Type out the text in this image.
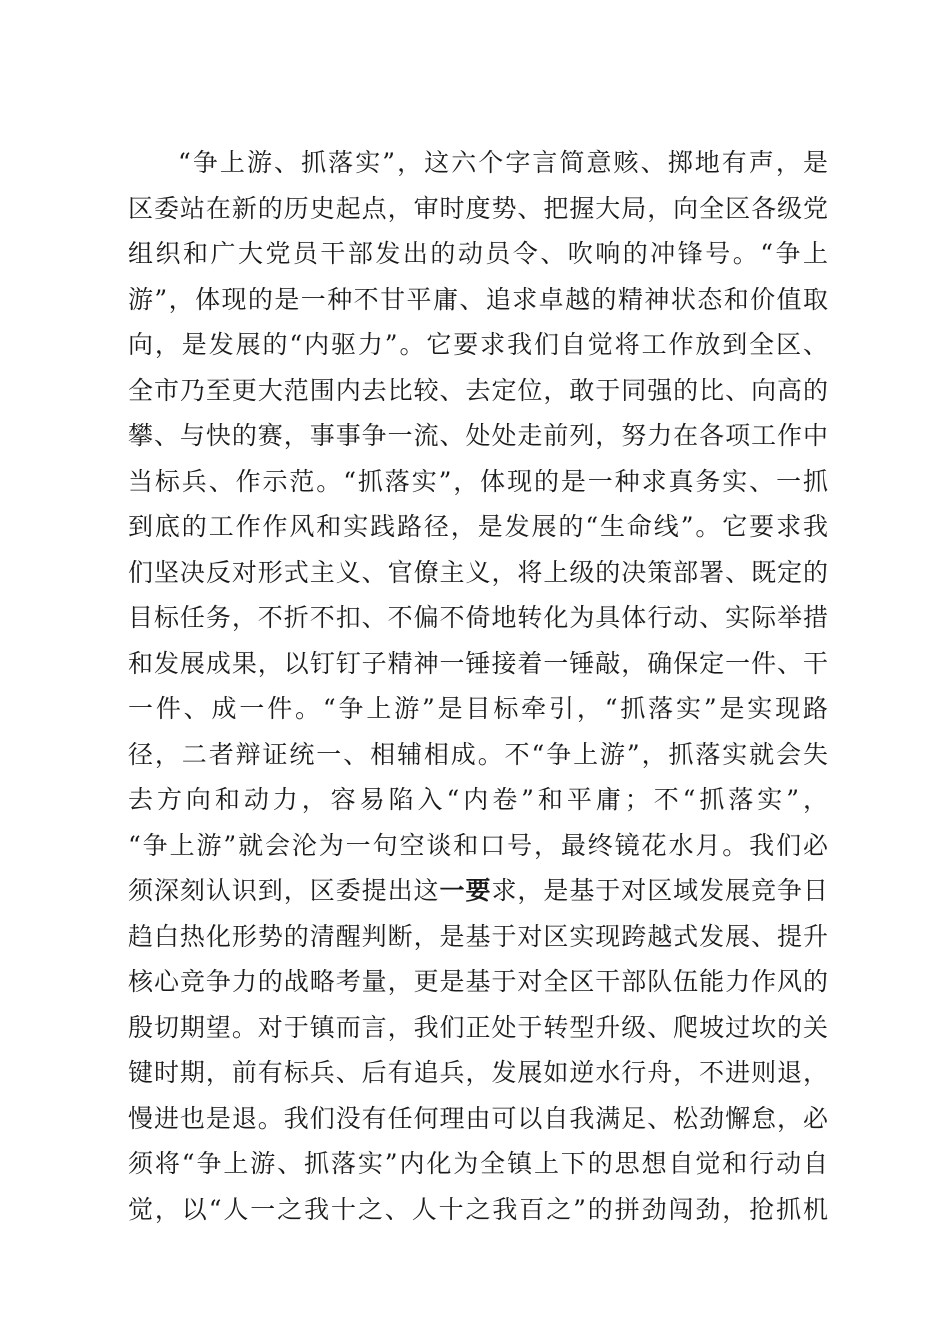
“争上游、抓落实”，这六个字言简意赅、掷地有声，是
区委站在新的历史起点，审时度势、把握大局，向全区各级党
组织和广大党员干部发出的动员令、吹响的冲锋号。“争上
游”，体现的是一种不甘平庸、追求卓越的精神状态和价值取
向，是发展的“内驱力”。它要求我们自觉将工作放到全区、
全市乃至更大范围内去比较、去定位，敢于同强的比、向高的
攀、与快的赛，事事争一流、处处走前列，努力在各项工作中
当标兵、作示范。“抓落实”，体现的是一种求真务实、一抓
到底的工作作风和实践路径，是发展的“生命线”。它要求我
们坚决反对形式主义、官僚主义，将上级的决策部署、既定的
目标任务，不折不扣、不偏不倚地转化为具体行动、实际举措
和发展成果，以钉钉子精神一锤接着一锤敲，确保定一件、干
一件、成一件。“争上游”是目标牵引，“抓落实”是实现路
径，二者辩证统一、相辅相成。不“争上游”，抓落实就会失
去方向和动力，容易陷入“内卷”和平庸；不“抓落实”，
“争上游”就会沦为一句空谈和口号，最终镜花水月。我们必
须深刻认识到，区委提出这一要求，是基于对区域发展竞争日
趋白热化形势的清醒判断，是基于对区实现跨越式发展、提升
核心竞争力的战略考量，更是基于对全区干部队伍能力作风的
殷切期望。对于镇而言，我们正处于转型升级、爬坡过坎的关
键时期，前有标兵、后有追兵，发展如逆水行舟，不进则退，
慢进也是退。我们没有任何理由可以自我满足、松劲懈怠，必
须将“争上游、抓落实”内化为全镇上下的思想自觉和行动自
觉，以“人一之我十之、人十之我百之”的拼劲闯劲，抢抓机
